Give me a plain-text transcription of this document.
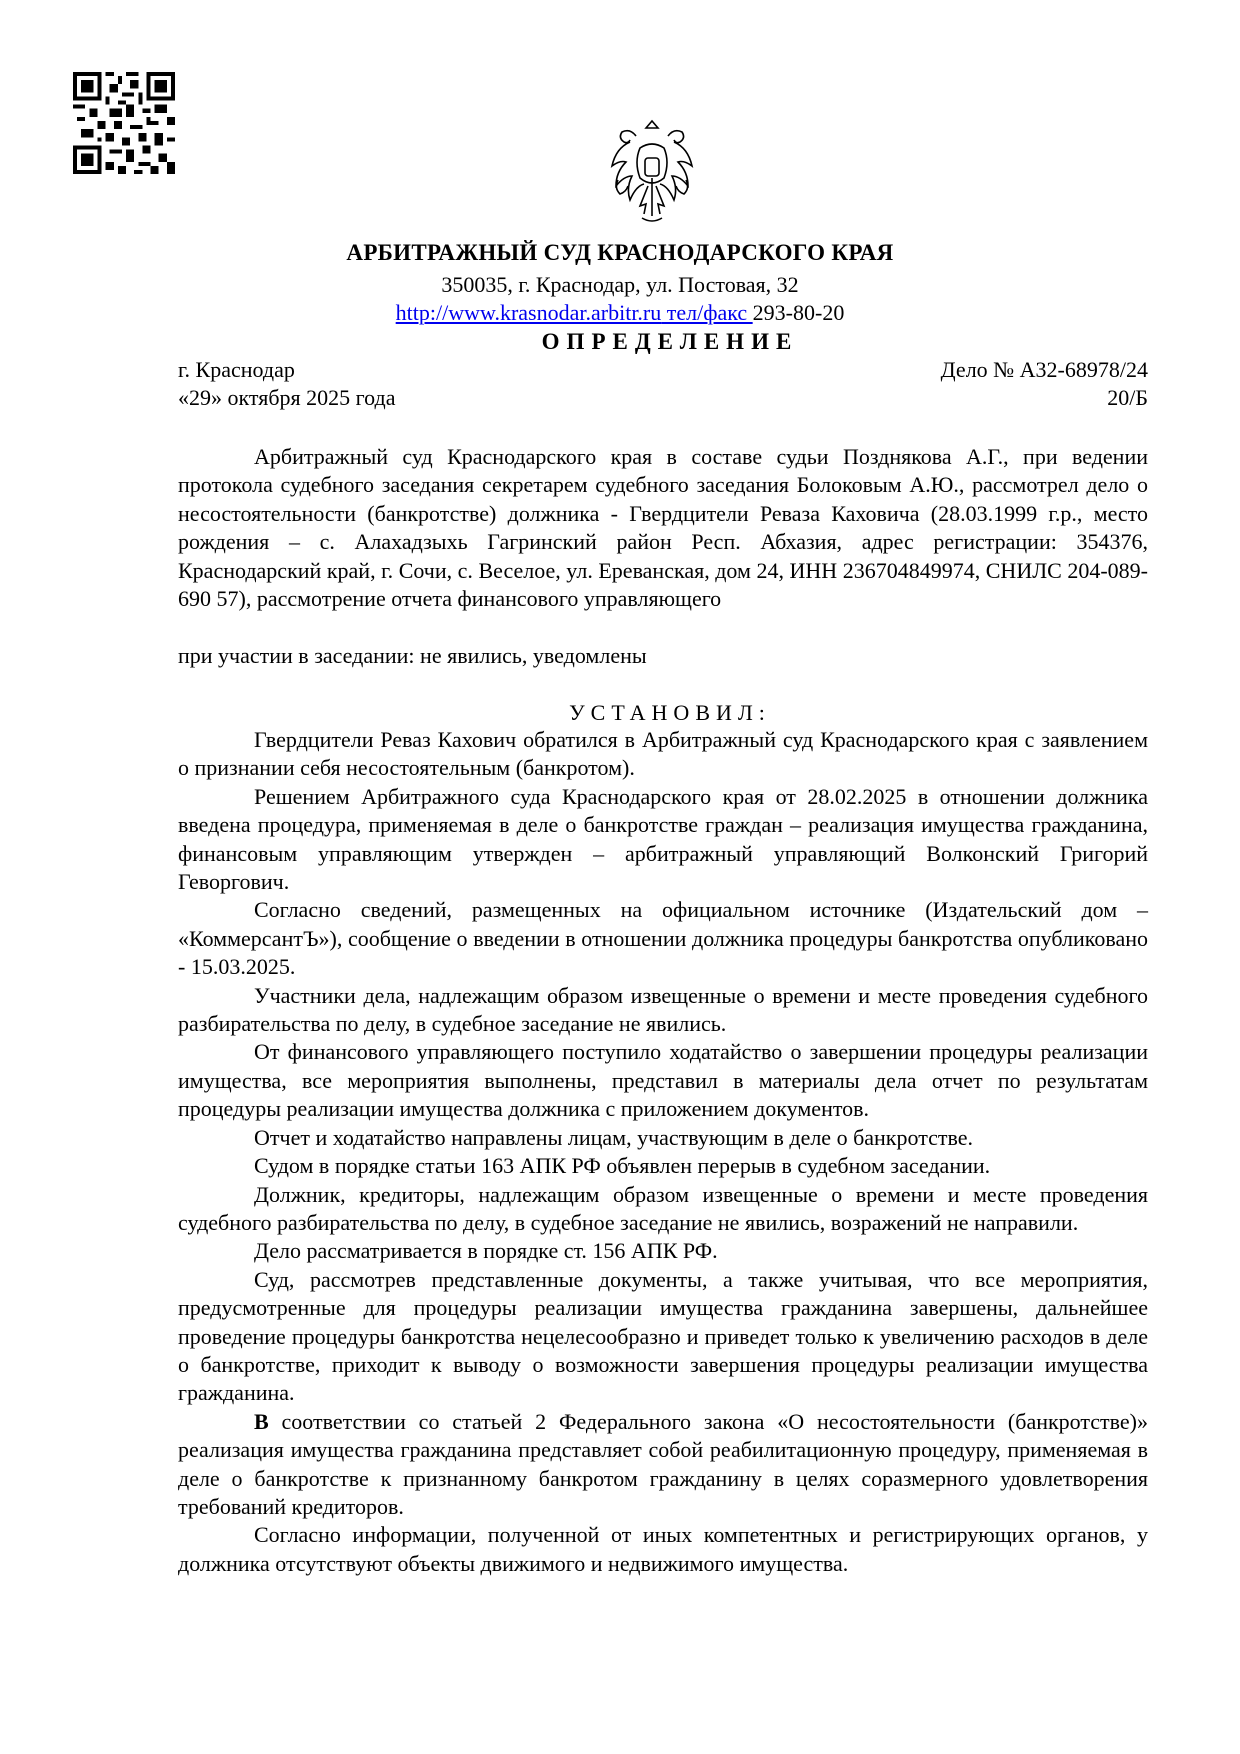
АРБИТРАЖНЫЙ СУД КРАСНОДАРСКОГО КРАЯ
350035, г. Краснодар, ул. Постовая, 32
http://www.krasnodar.arbitr.ru тел/факс 293-80-20
ОПРЕДЕЛЕНИЕ
г. Краснодар
«29» октября 2025 года
Дело № А32-68978/24
20/Б

Арбитражный суд Краснодарского края в составе судьи Позднякова А.Г., при ведении протокола судебного заседания секретарем судебного заседания Болоковым А.Ю., рассмотрел дело о несостоятельности (банкротстве) должника - Гвердцители Реваза Каховича (28.03.1999 г.р., место рождения – с. Алахадзыхь Гагринский район Респ. Абхазия, адрес регистрации: 354376, Краснодарский край, г. Сочи, с. Веселое, ул. Ереванская, дом 24, ИНН 236704849974, СНИЛС 204-089-690 57), рассмотрение отчета финансового управляющего

при участии в заседании: не явились, уведомлены
УСТАНОВИЛ:

Гвердцители Реваз Кахович обратился в Арбитражный суд Краснодарского края с заявлением о признании себя несостоятельным (банкротом).

Решением Арбитражного суда Краснодарского края от 28.02.2025 в отношении должника введена процедура, применяемая в деле о банкротстве граждан – реализация имущества гражданина, финансовым управляющим утвержден – арбитражный управляющий Волконский Григорий Геворгович.

Согласно сведений, размещенных на официальном источнике (Издательский дом – «КоммерсантЪ»), сообщение о введении в отношении должника процедуры банкротства опубликовано - 15.03.2025.

Участники дела, надлежащим образом извещенные о времени и месте проведения судебного разбирательства по делу, в судебное заседание не явились.

От финансового управляющего поступило ходатайство о завершении процедуры реализации имущества, все мероприятия выполнены, представил в материалы дела отчет по результатам процедуры реализации имущества должника с приложением документов.

Отчет и ходатайство направлены лицам, участвующим в деле о банкротстве.

Судом в порядке статьи 163 АПК РФ объявлен перерыв в судебном заседании.

Должник, кредиторы, надлежащим образом извещенные о времени и месте проведения судебного разбирательства по делу, в судебное заседание не явились, возражений не направили.

Дело рассматривается в порядке ст. 156 АПК РФ.

Суд, рассмотрев представленные документы, а также учитывая, что все мероприятия, предусмотренные для процедуры реализации имущества гражданина завершены, дальнейшее проведение процедуры банкротства нецелесообразно и приведет только к увеличению расходов в деле о банкротстве, приходит к выводу о возможности завершения процедуры реализации имущества гражданина.

В соответствии со статьей 2 Федерального закона «О несостоятельности (банкротстве)» реализация имущества гражданина представляет собой реабилитационную процедуру, применяемая в деле о банкротстве к признанному банкротом гражданину в целях соразмерного удовлетворения требований кредиторов.

Согласно информации, полученной от иных компетентных и регистрирующих органов, у должника отсутствуют объекты движимого и недвижимого имущества.
